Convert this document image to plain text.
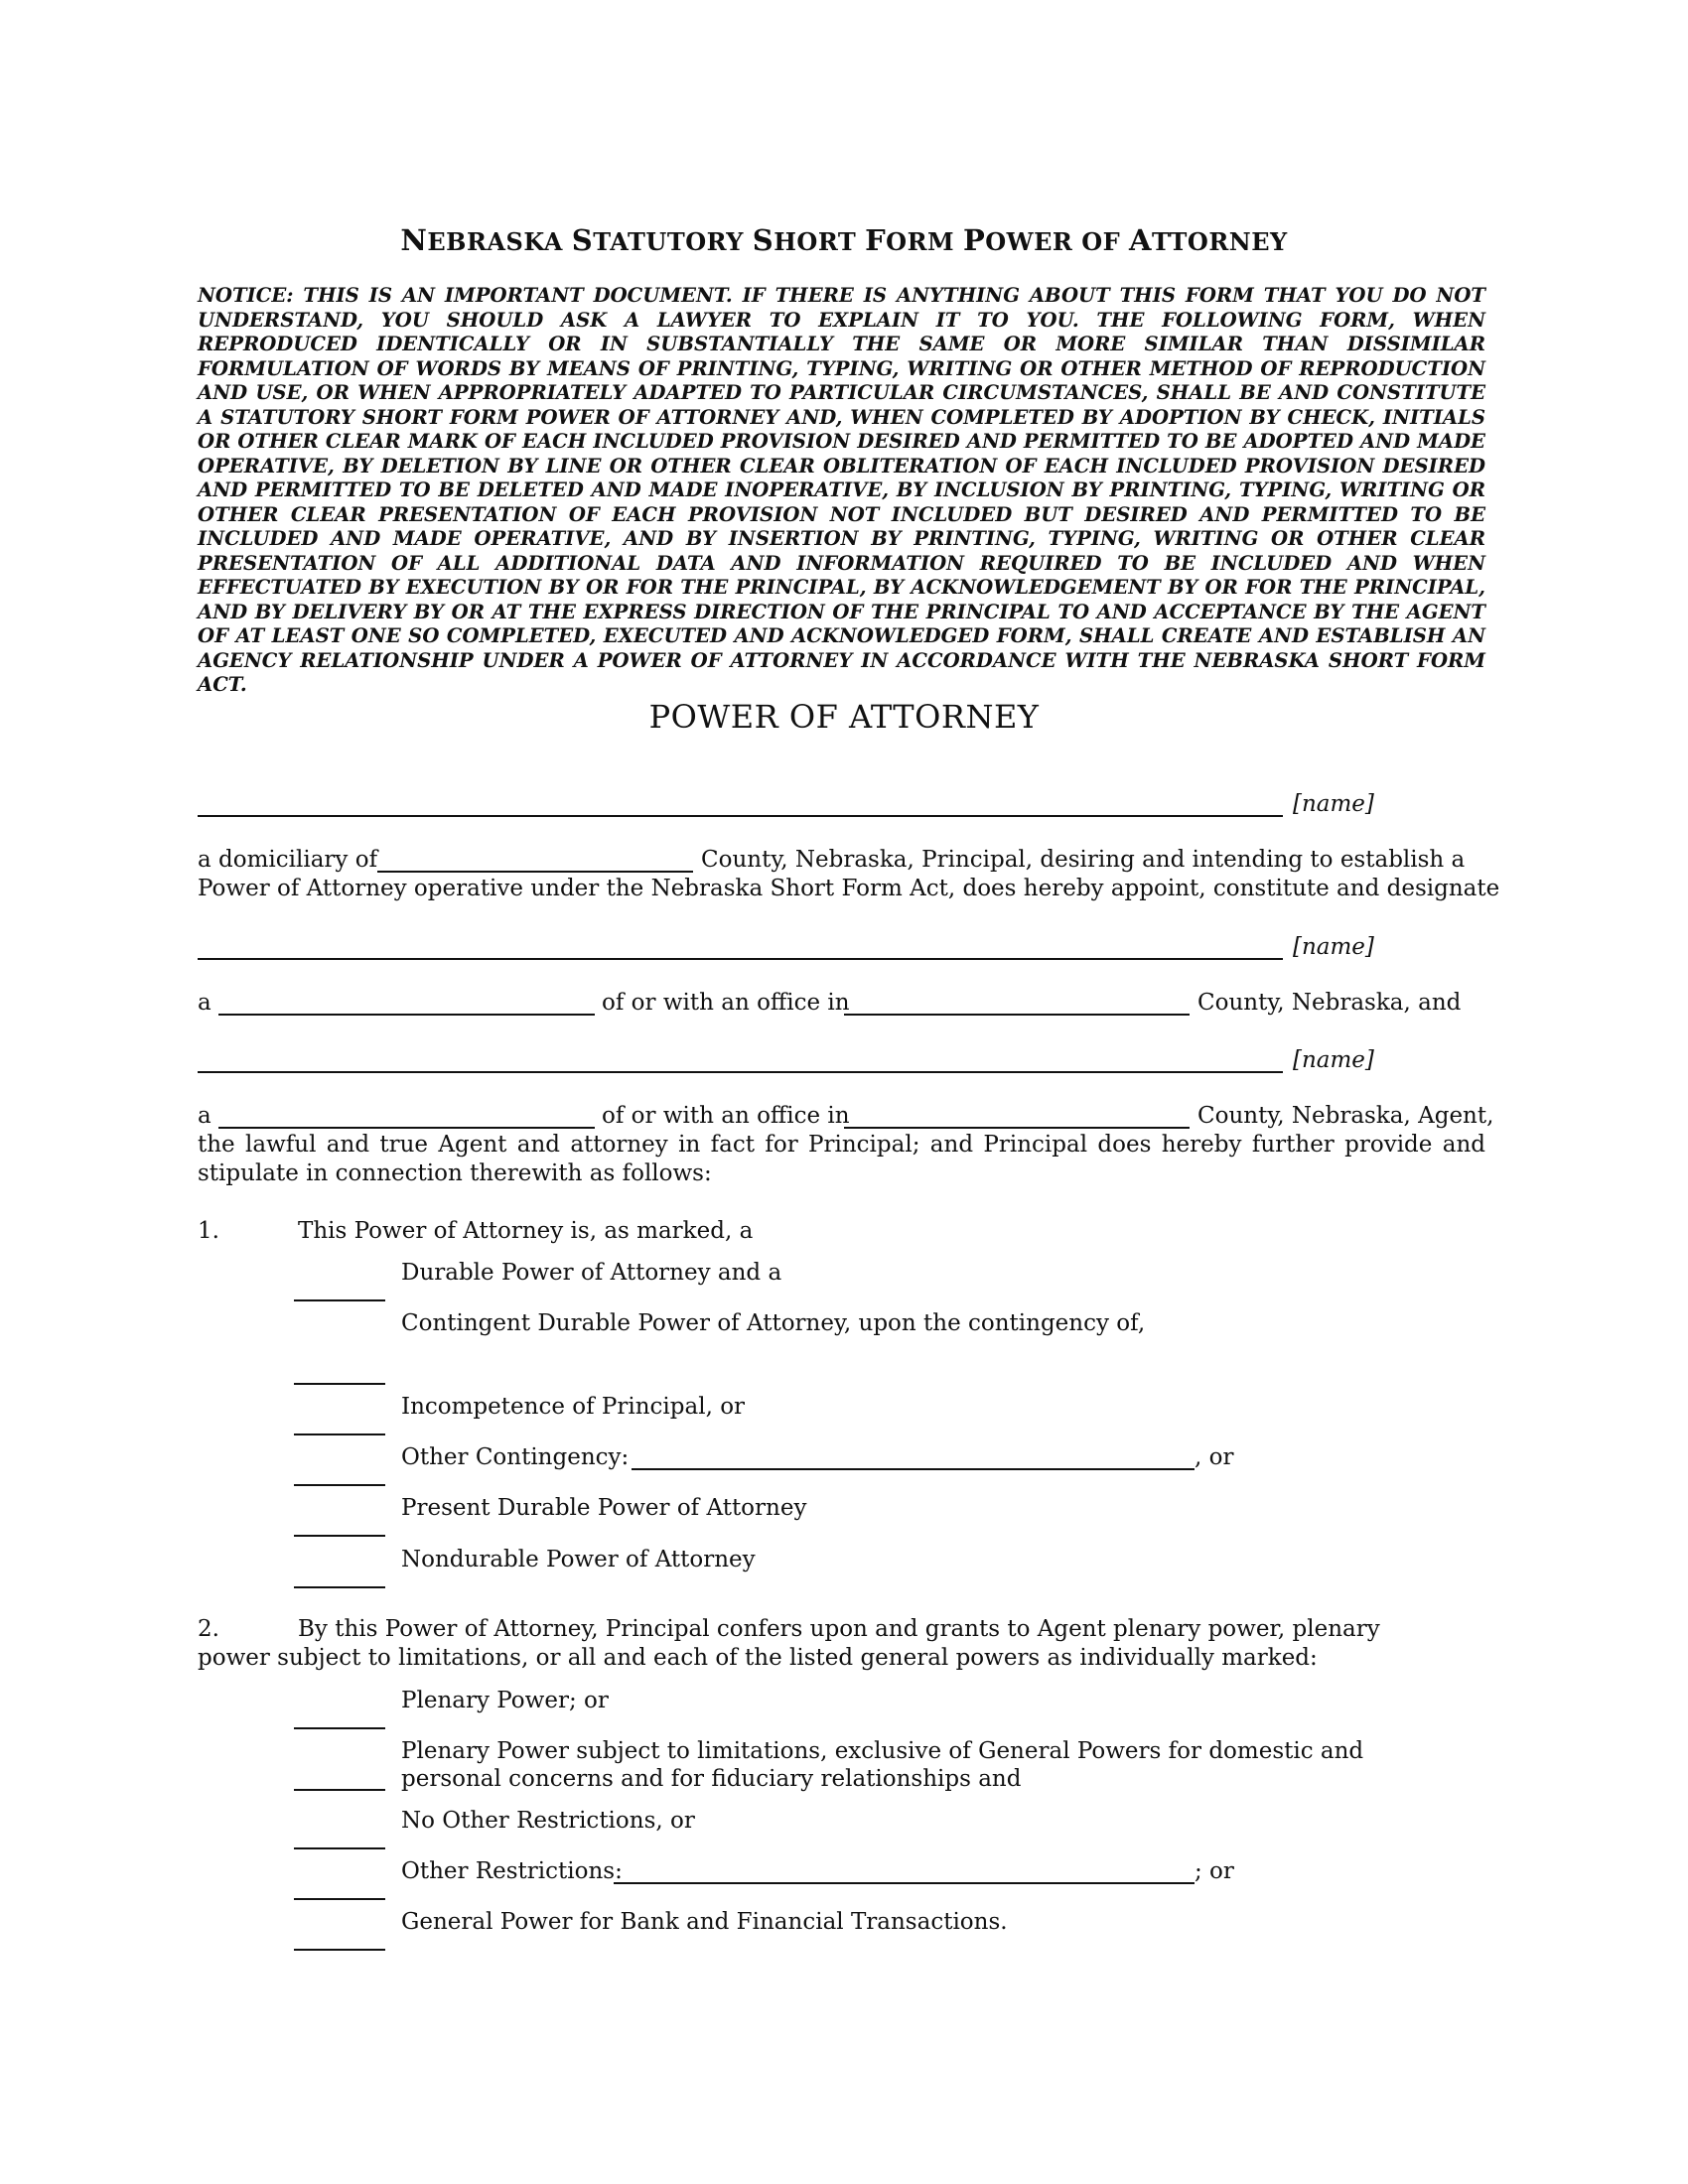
NEBRASKA STATUTORY SHORT FORM POWER OF ATTORNEY
NOTICE: THIS IS AN IMPORTANT DOCUMENT. IF THERE IS ANYTHING ABOUT THIS FORM THAT YOU DO NOT UNDERSTAND, YOU SHOULD ASK A LAWYER TO EXPLAIN IT TO YOU. THE FOLLOWING FORM, WHEN REPRODUCED IDENTICALLY OR IN SUBSTANTIALLY THE SAME OR MORE SIMILAR THAN DISSIMILAR FORMULATION OF WORDS BY MEANS OF PRINTING, TYPING, WRITING OR OTHER METHOD OF REPRODUCTION AND USE, OR WHEN APPROPRIATELY ADAPTED TO PARTICULAR CIRCUMSTANCES, SHALL BE AND CONSTITUTE A STATUTORY SHORT FORM POWER OF ATTORNEY AND, WHEN COMPLETED BY ADOPTION BY CHECK, INITIALS OR OTHER CLEAR MARK OF EACH INCLUDED PROVISION DESIRED AND PERMITTED TO BE ADOPTED AND MADE OPERATIVE, BY DELETION BY LINE OR OTHER CLEAR OBLITERATION OF EACH INCLUDED PROVISION DESIRED AND PERMITTED TO BE DELETED AND MADE INOPERATIVE, BY INCLUSION BY PRINTING, TYPING, WRITING OR OTHER CLEAR PRESENTATION OF EACH PROVISION NOT INCLUDED BUT DESIRED AND PERMITTED TO BE INCLUDED AND MADE OPERATIVE, AND BY INSERTION BY PRINTING, TYPING, WRITING OR OTHER CLEAR PRESENTATION OF ALL ADDITIONAL DATA AND INFORMATION REQUIRED TO BE INCLUDED AND WHEN EFFECTUATED BY EXECUTION BY OR FOR THE PRINCIPAL, BY ACKNOWLEDGEMENT BY OR FOR THE PRINCIPAL, AND BY DELIVERY BY OR AT THE EXPRESS DIRECTION OF THE PRINCIPAL TO AND ACCEPTANCE BY THE AGENT OF AT LEAST ONE SO COMPLETED, EXECUTED AND ACKNOWLEDGED FORM, SHALL CREATE AND ESTABLISH AN AGENCY RELATIONSHIP UNDER A POWER OF ATTORNEY IN ACCORDANCE WITH THE NEBRASKA SHORT FORM ACT.
POWER OF ATTORNEY
[name]
a domiciliary of	County, Nebraska, Principal, desiring and intending to establish a
Power of Attorney operative under the Nebraska Short Form Act, does hereby appoint, constitute and designate
[name]
a	of or with an office in	County, Nebraska, and
[name]
a	of or with an office in	County, Nebraska, Agent,
the lawful and true Agent and attorney in fact for Principal; and Principal does hereby further provide and stipulate in connection therewith as follows:
1.	This Power of Attorney is, as marked, a
Durable Power of Attorney and a
Contingent Durable Power of Attorney, upon the contingency of,
Incompetence of Principal, or
Other Contingency:	, or
Present Durable Power of Attorney
Nondurable Power of Attorney
2.	By this Power of Attorney, Principal confers upon and grants to Agent plenary power, plenary
power subject to limitations, or all and each of the listed general powers as individually marked:
Plenary Power; or
Plenary Power subject to limitations, exclusive of General Powers for domestic and
personal concerns and for fiduciary relationships and
No Other Restrictions, or
Other Restrictions:	; or
General Power for Bank and Financial Transactions.
